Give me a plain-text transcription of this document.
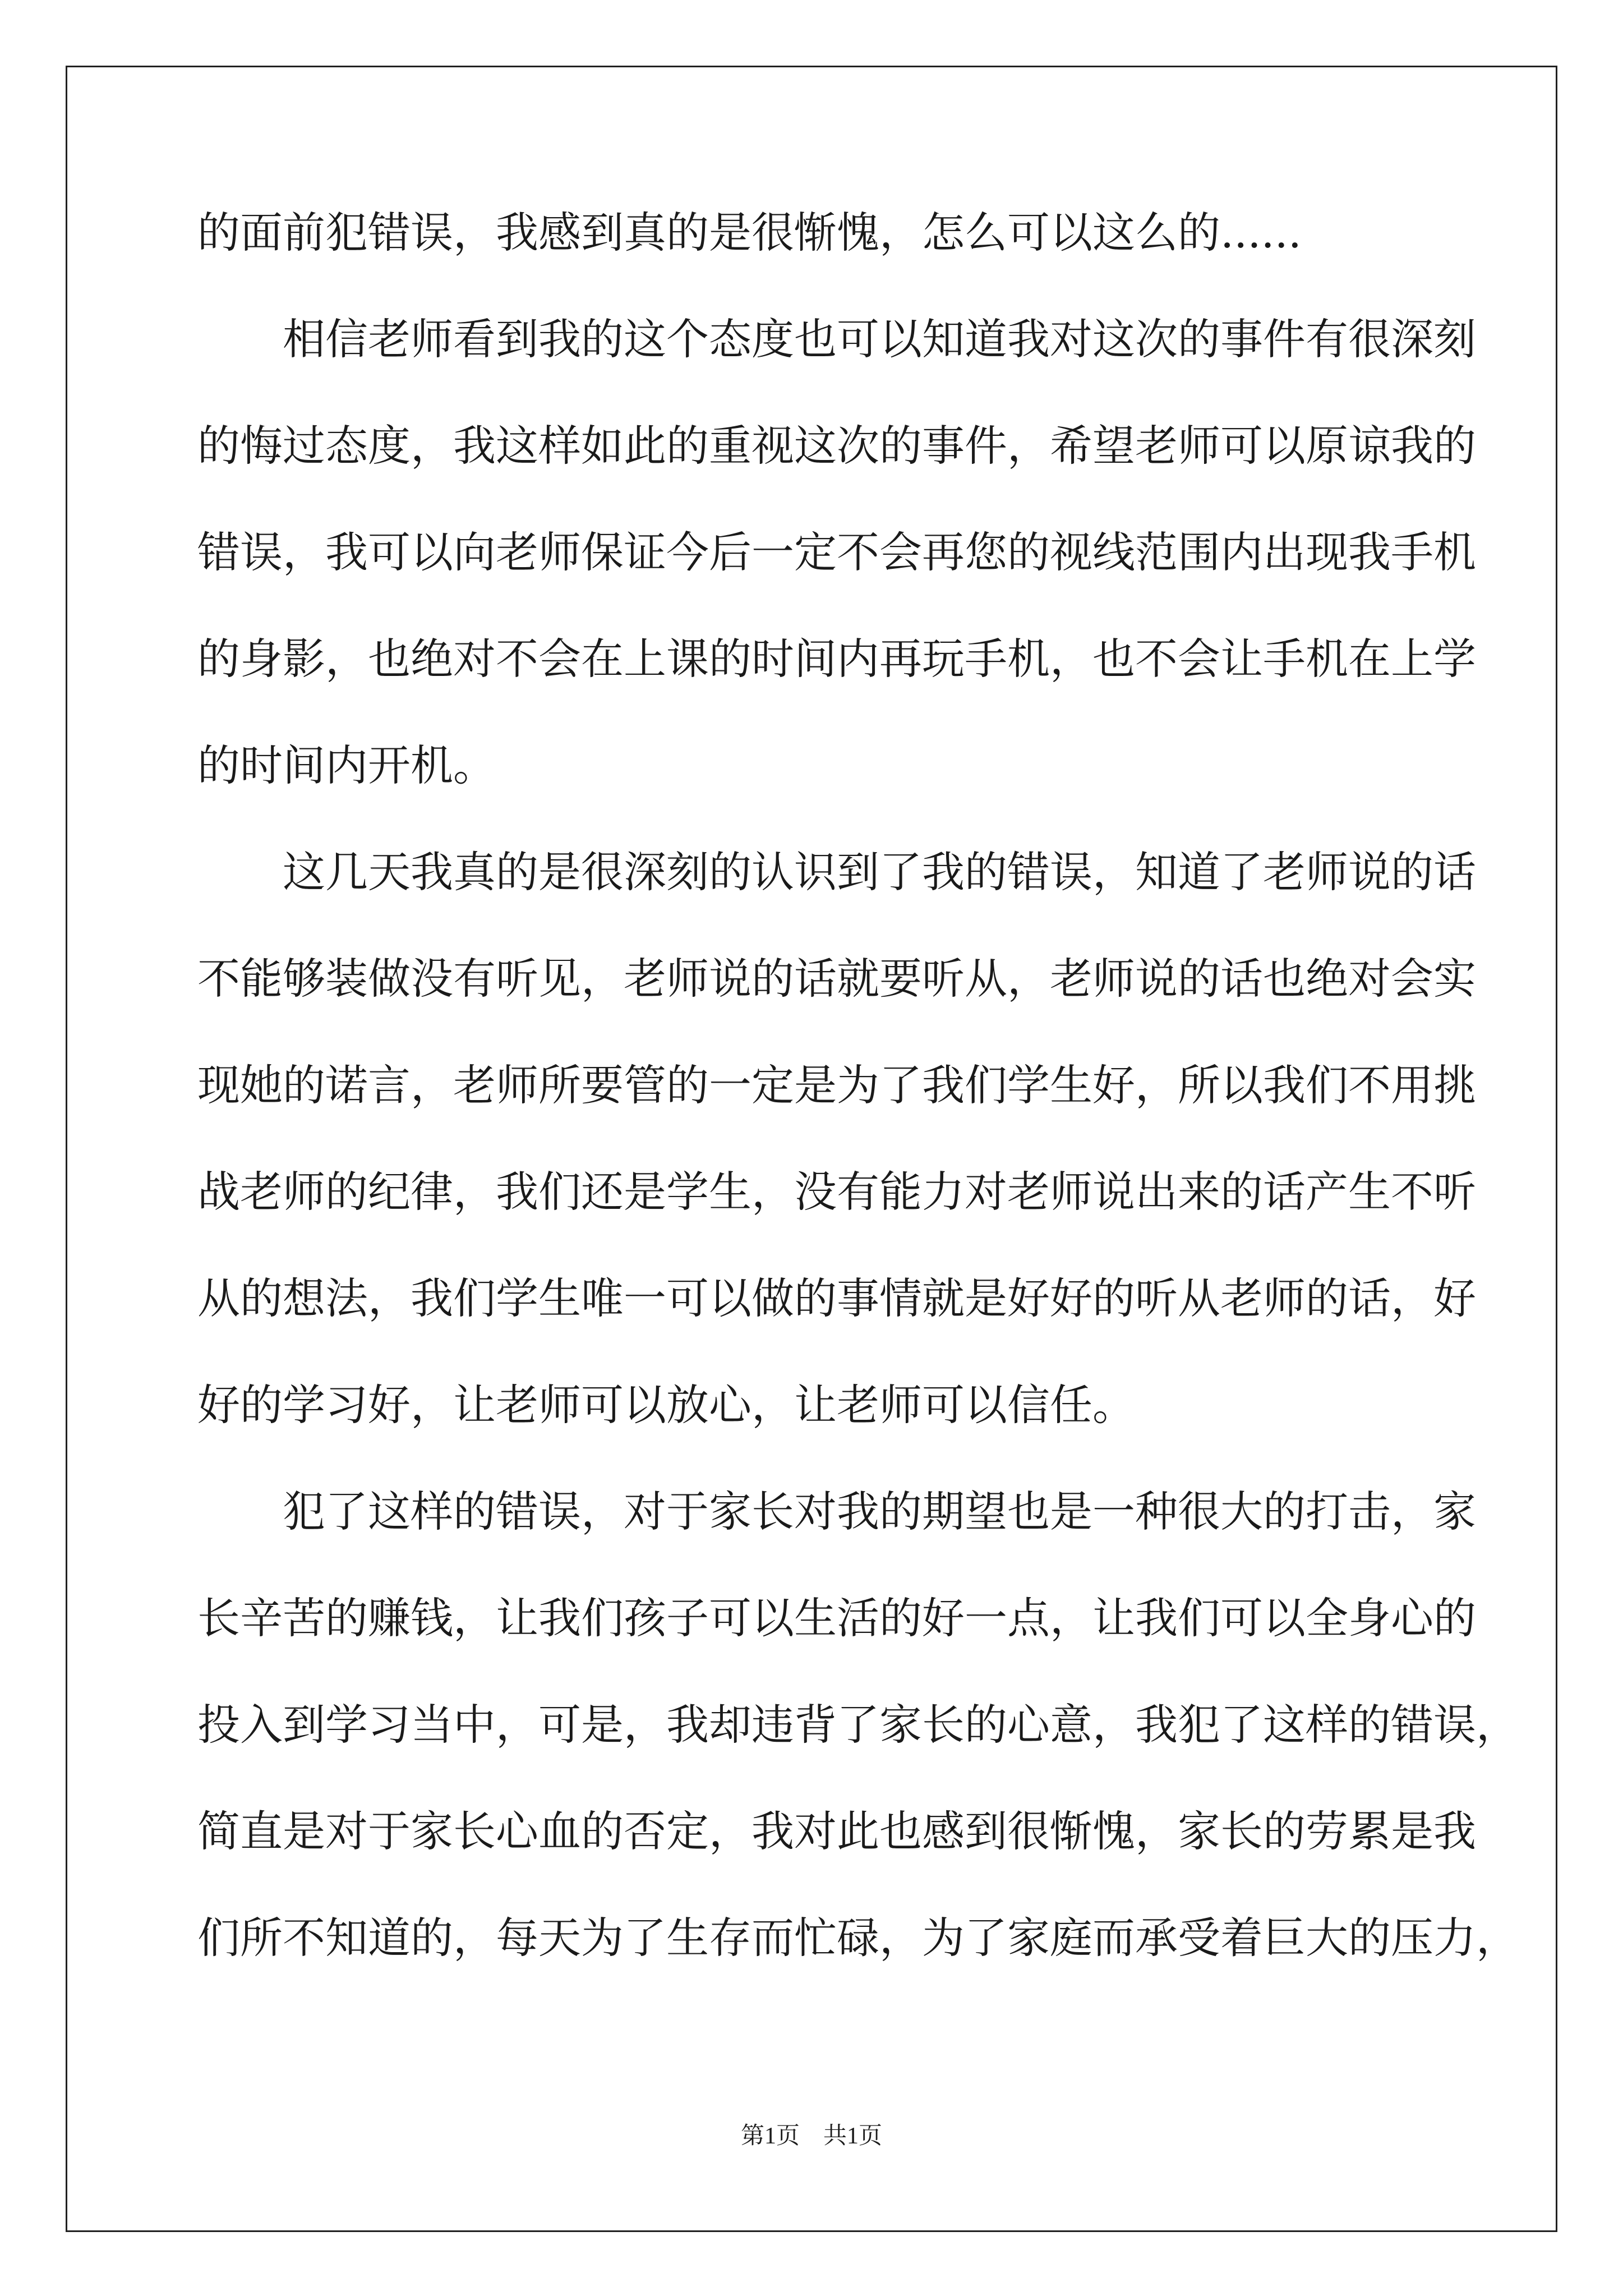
的面前犯错误，我感到真的是很惭愧，怎么可以这么的......
相信老师看到我的这个态度也可以知道我对这次的事件有很深刻
的悔过态度，我这样如此的重视这次的事件，希望老师可以原谅我的
错误，我可以向老师保证今后一定不会再您的视线范围内出现我手机
的身影，也绝对不会在上课的时间内再玩手机，也不会让手机在上学
的时间内开机。
这几天我真的是很深刻的认识到了我的错误，知道了老师说的话
不能够装做没有听见，老师说的话就要听从，老师说的话也绝对会实
现她的诺言，老师所要管的一定是为了我们学生好，所以我们不用挑
战老师的纪律，我们还是学生，没有能力对老师说出来的话产生不听
从的想法，我们学生唯一可以做的事情就是好好的听从老师的话，好
好的学习好，让老师可以放心，让老师可以信任。
犯了这样的错误，对于家长对我的期望也是一种很大的打击，家
长辛苦的赚钱，让我们孩子可以生活的好一点，让我们可以全身心的
投入到学习当中，可是，我却违背了家长的心意，我犯了这样的错误，
简直是对于家长心血的否定，我对此也感到很惭愧，家长的劳累是我
们所不知道的，每天为了生存而忙碌，为了家庭而承受着巨大的压力，
第1页　共1页
